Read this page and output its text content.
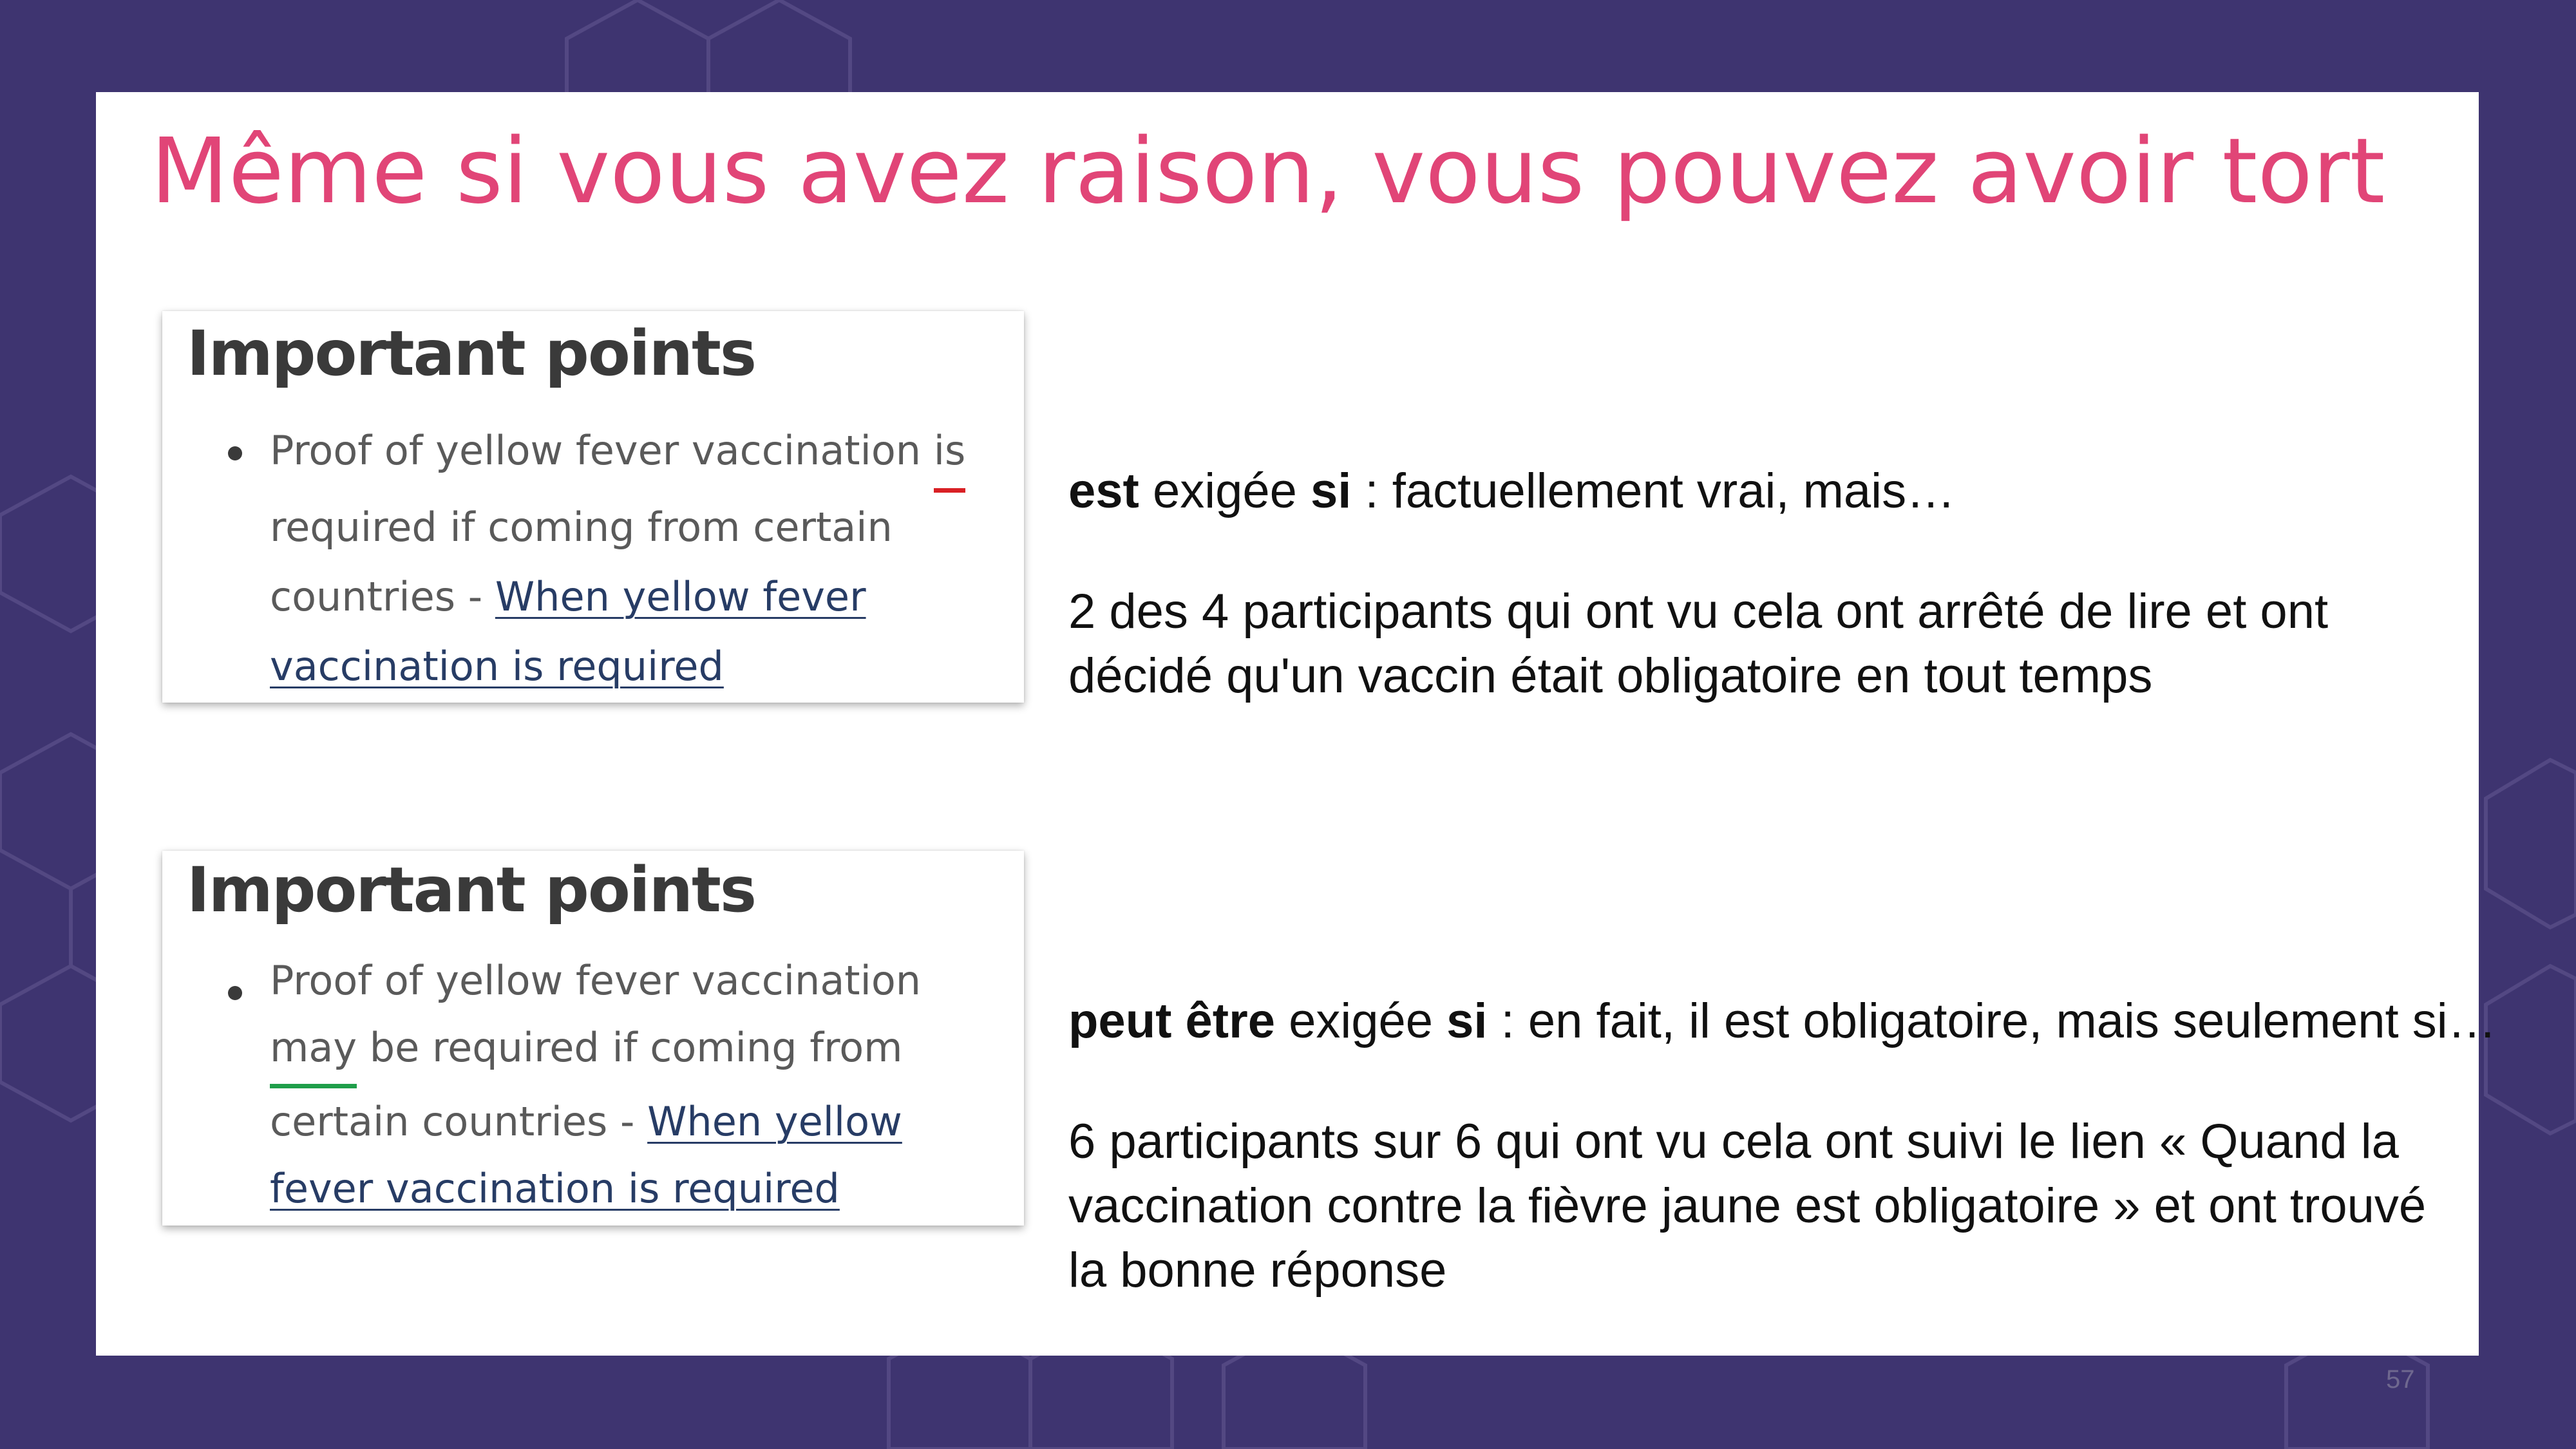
Même si vous avez raison, vous pouvez avoir tort
Important points
Proof of yellow fever vaccination is required if coming from certain countries - When yellow fever vaccination is required
Important points
Proof of yellow fever vaccination may be required if coming from certain countries - When yellow fever vaccination is required
est exigée si : factuellement vrai, mais…
2 des 4 participants qui ont vu cela ont arrêté de lire et ont
décidé qu'un vaccin était obligatoire en tout temps
peut être exigée si : en fait, il est obligatoire, mais seulement si…
6 participants sur 6 qui ont vu cela ont suivi le lien « Quand la
vaccination contre la fièvre jaune est obligatoire » et ont trouvé
la bonne réponse
57
